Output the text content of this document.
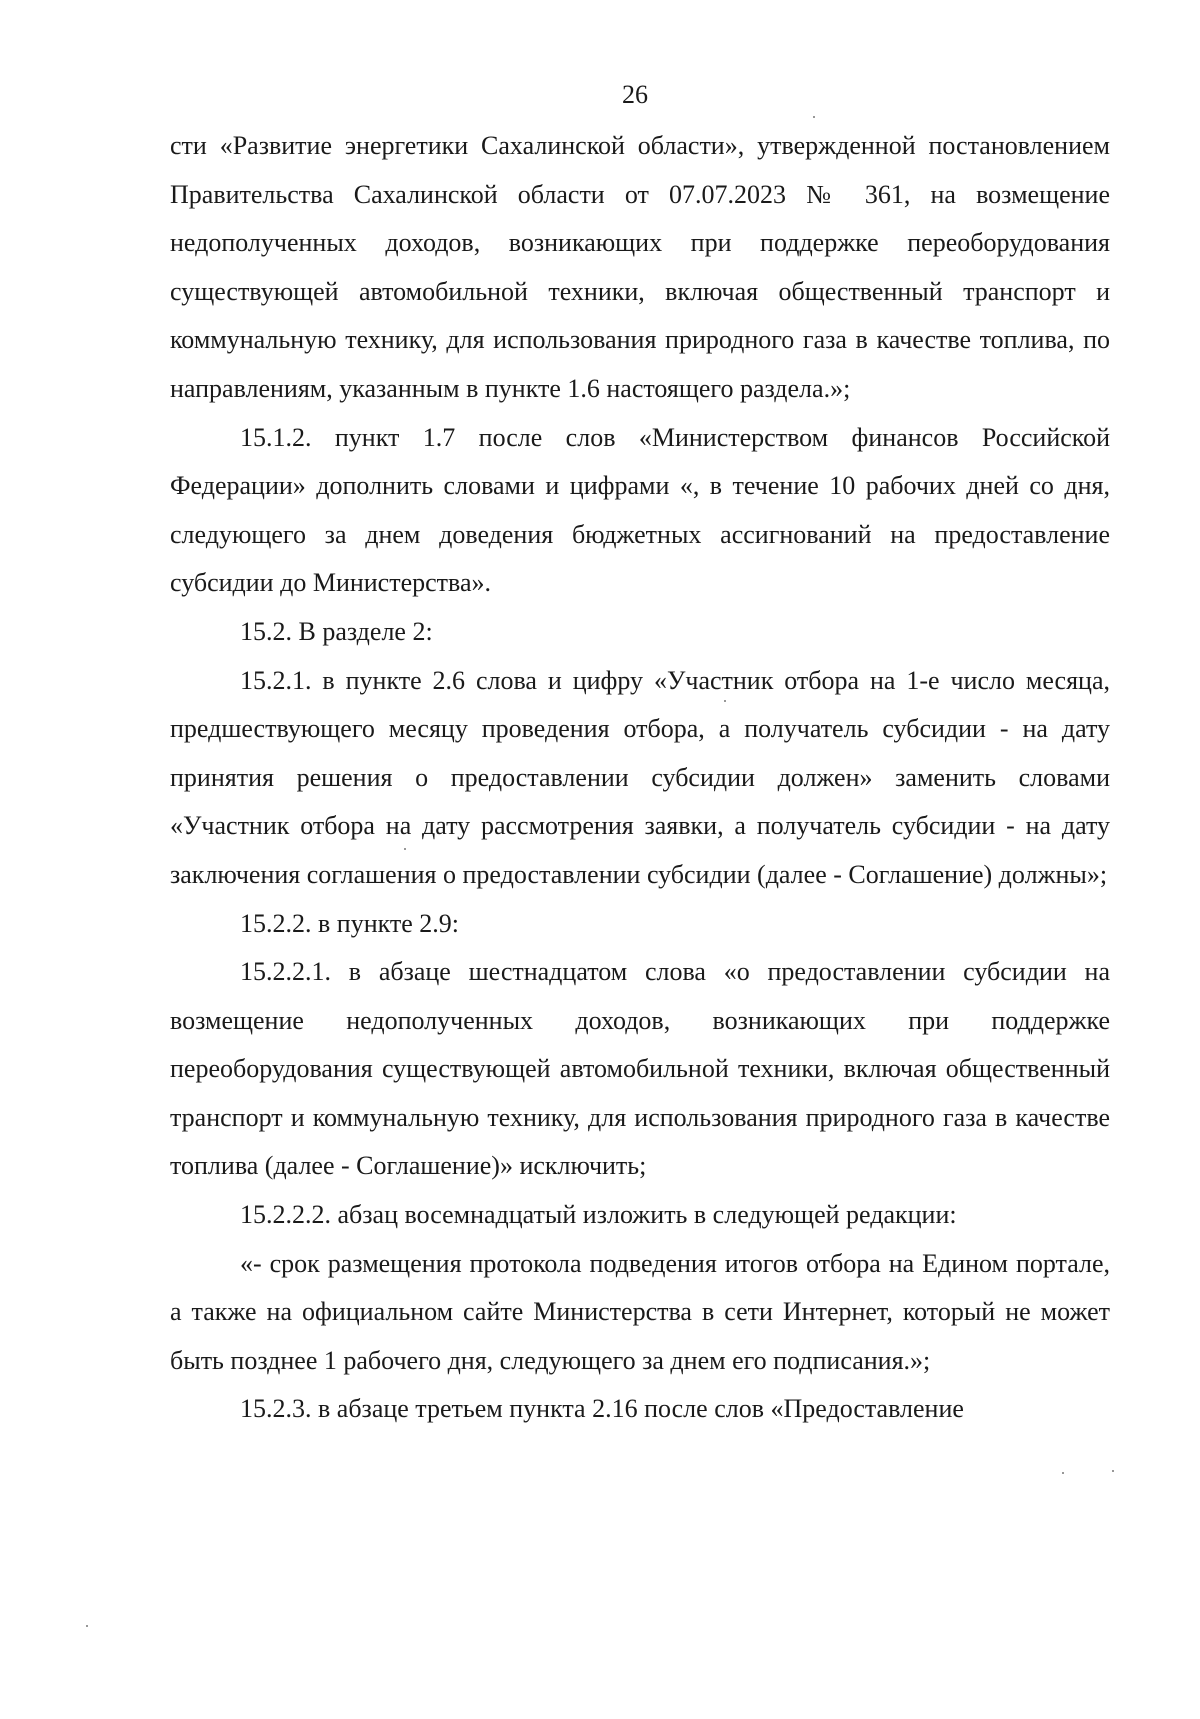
26

сти «Развитие энергетики Сахалинской области», утвержденной постановлением Правительства Сахалинской области от 07.07.2023 № 361, на возмещение недополученных доходов, возникающих при поддержке переоборудования существующей автомобильной техники, включая общественный транспорт и коммунальную технику, для использования природного газа в качестве топлива, по направлениям, указанным в пункте 1.6 настоящего раздела.»;

15.1.2. пункт 1.7 после слов «Министерством финансов Российской Федерации» дополнить словами и цифрами «, в течение 10 рабочих дней со дня, следующего за днем доведения бюджетных ассигнований на предоставление субсидии до Министерства».

15.2. В разделе 2:

15.2.1. в пункте 2.6 слова и цифру «Участник отбора на 1-е число месяца, предшествующего месяцу проведения отбора, а получатель субсидии - на дату принятия решения о предоставлении субсидии должен» заменить словами «Участник отбора на дату рассмотрения заявки, а получатель субсидии - на дату заключения соглашения о предоставлении субсидии (далее - Соглашение) должны»;

15.2.2. в пункте 2.9:

15.2.2.1. в абзаце шестнадцатом слова «о предоставлении субсидии на возмещение недополученных доходов, возникающих при поддержке переоборудования существующей автомобильной техники, включая общественный транспорт и коммунальную технику, для использования природного газа в качестве топлива (далее - Соглашение)» исключить;

15.2.2.2. абзац восемнадцатый изложить в следующей редакции:

«- срок размещения протокола подведения итогов отбора на Едином портале, а также на официальном сайте Министерства в сети Интернет, который не может быть позднее 1 рабочего дня, следующего за днем его подписания.»;

15.2.3. в абзаце третьем пункта 2.16 после слов «Предоставление
